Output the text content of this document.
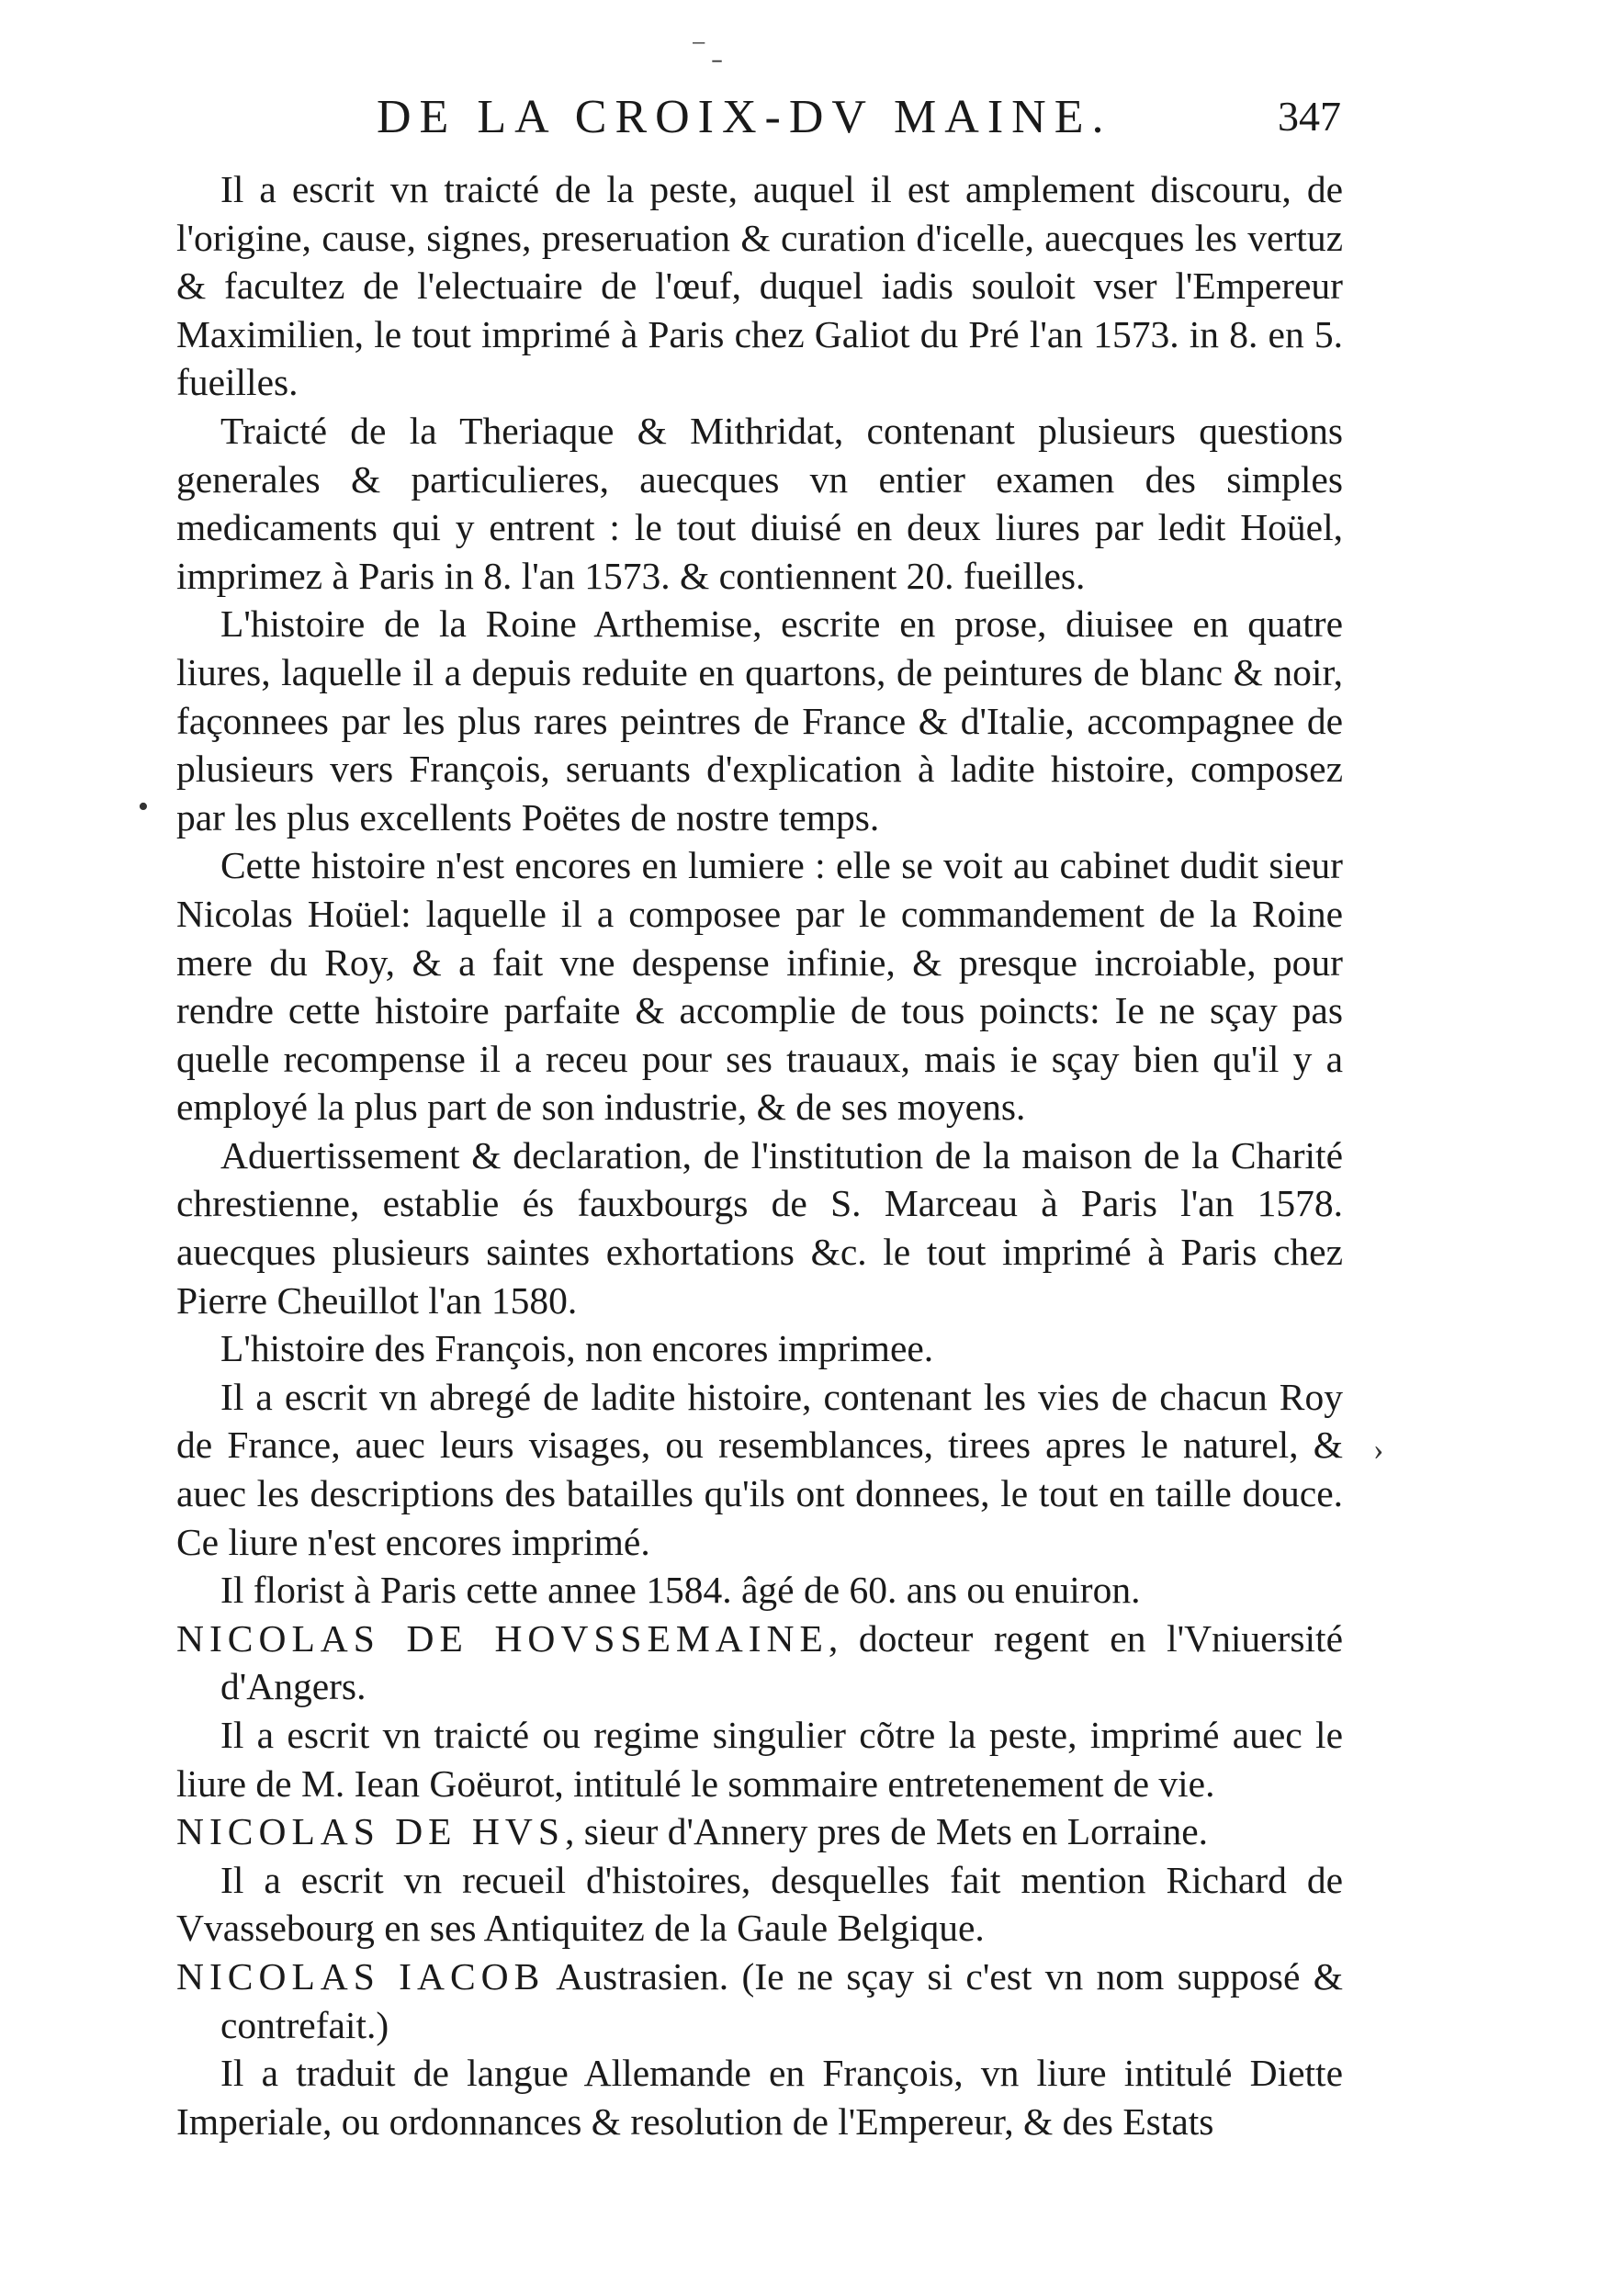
DE LA CROIX-DV MAINE.	347
‾ ˗

Il a escrit vn traicté de la peste, auquel il est amplement discouru, de l'origine, cause, signes, preseruation & curation d'icelle, auecques les vertuz & facultez de l'electuaire de l'œuf, duquel iadis souloit vser l'Empereur Maximilien, le tout imprimé à Paris chez Galiot du Pré l'an 1573. in 8. en 5. fueilles.

Traicté de la Theriaque & Mithridat, contenant plusieurs questions generales & particulieres, auecques vn entier examen des simples medicaments qui y entrent : le tout diuisé en deux liures par ledit Hoüel, imprimez à Paris in 8. l'an 1573. & contiennent 20. fueilles.

L'histoire de la Roine Arthemise, escrite en prose, diuisee en quatre liures, laquelle il a depuis reduite en quartons, de peintures de blanc & noir, façonnees par les plus rares peintres de France & d'Italie, accompagnee de plusieurs vers François, seruants d'explication à ladite histoire, composez par les plus excellents Poëtes de nostre temps.

Cette histoire n'est encores en lumiere : elle se voit au cabinet dudit sieur Nicolas Hoüel: laquelle il a composee par le commandement de la Roine mere du Roy, & a fait vne despense infinie, & presque incroiable, pour rendre cette histoire parfaite & accomplie de tous poincts: Ie ne sçay pas quelle recompense il a receu pour ses trauaux, mais ie sçay bien qu'il y a employé la plus part de son industrie, & de ses moyens.

Aduertissement & declaration, de l'institution de la maison de la Charité chrestienne, establie és fauxbourgs de S. Marceau à Paris l'an 1578. auecques plusieurs saintes exhortations &c. le tout imprimé à Paris chez Pierre Cheuillot l'an 1580.

L'histoire des François, non encores imprimee.

Il a escrit vn abregé de ladite histoire, contenant les vies de chacun Roy de France, auec leurs visages, ou resemblances, tirees apres le naturel, & auec les descriptions des batailles qu'ils ont donnees, le tout en taille douce. Ce liure n'est encores imprimé.

Il florist à Paris cette annee 1584. âgé de 60. ans ou enuiron.

NICOLAS DE HOVSSEMAINE, docteur regent en l'Vniuersité d'Angers.

Il a escrit vn traicté ou regime singulier cõtre la peste, imprimé auec le liure de M. Iean Goëurot, intitulé le sommaire entretenement de vie.

NICOLAS DE HVS, sieur d'Annery pres de Mets en Lorraine.

Il a escrit vn recueil d'histoires, desquelles fait mention Richard de Vvassebourg en ses Antiquitez de la Gaule Belgique.

NICOLAS IACOB Austrasien. (Ie ne sçay si c'est vn nom supposé & contrefait.)

Il a traduit de langue Allemande en François, vn liure intitulé Diette Imperiale, ou ordonnances & resolution de l'Empereur, & des Estats

•
›
